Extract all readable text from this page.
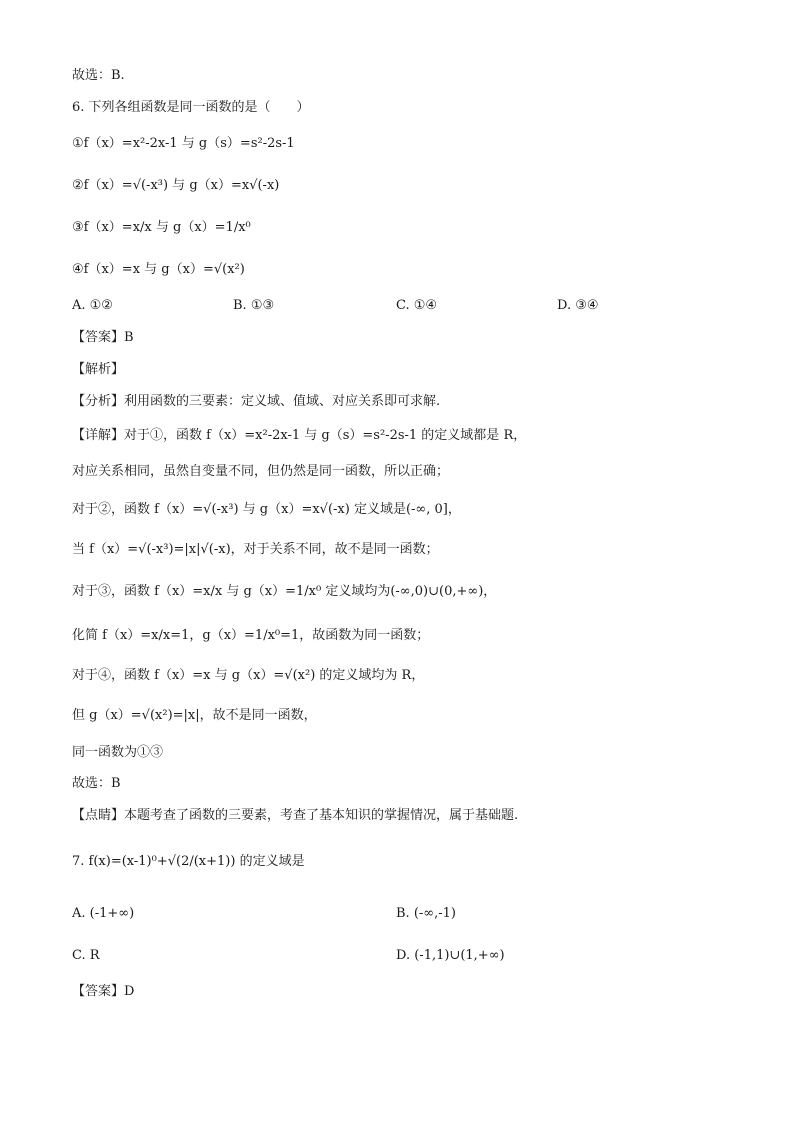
故选：B.
6. 下列各组函数是同一函数的是（　　）
①f（x）=x²-2x-1 与 g（s）=s²-2s-1
②f（x）=√(-x³) 与 g（x）=x√(-x)
③f（x）=x/x 与 g（x）=1/x⁰
④f（x）=x 与 g（x）=√(x²)
A. ①②	B. ①③	C. ①④	D. ③④
【答案】B
【解析】
【分析】利用函数的三要素：定义域、值域、对应关系即可求解.
【详解】对于①，函数 f（x）=x²-2x-1 与 g（s）=s²-2s-1 的定义域都是 R，
对应关系相同，虽然自变量不同，但仍然是同一函数，所以正确；
对于②，函数 f（x）=√(-x³) 与 g（x）=x√(-x) 定义域是(-∞, 0]，
当 f（x）=√(-x³)=|x|√(-x)，对于关系不同，故不是同一函数；
对于③，函数 f（x）=x/x 与 g（x）=1/x⁰ 定义域均为(-∞,0)∪(0,+∞)，
化简 f（x）=x/x=1，g（x）=1/x⁰=1，故函数为同一函数；
对于④，函数 f（x）=x 与 g（x）=√(x²) 的定义域均为 R，
但 g（x）=√(x²)=|x|，故不是同一函数，
同一函数为①③
故选：B
【点睛】本题考查了函数的三要素，考查了基本知识的掌握情况，属于基础题.
7. f(x)=(x-1)⁰+√(2/(x+1)) 的定义域是
A. (-1+∞)	B. (-∞,-1)
C. R	D. (-1,1)∪(1,+∞)
【答案】D
